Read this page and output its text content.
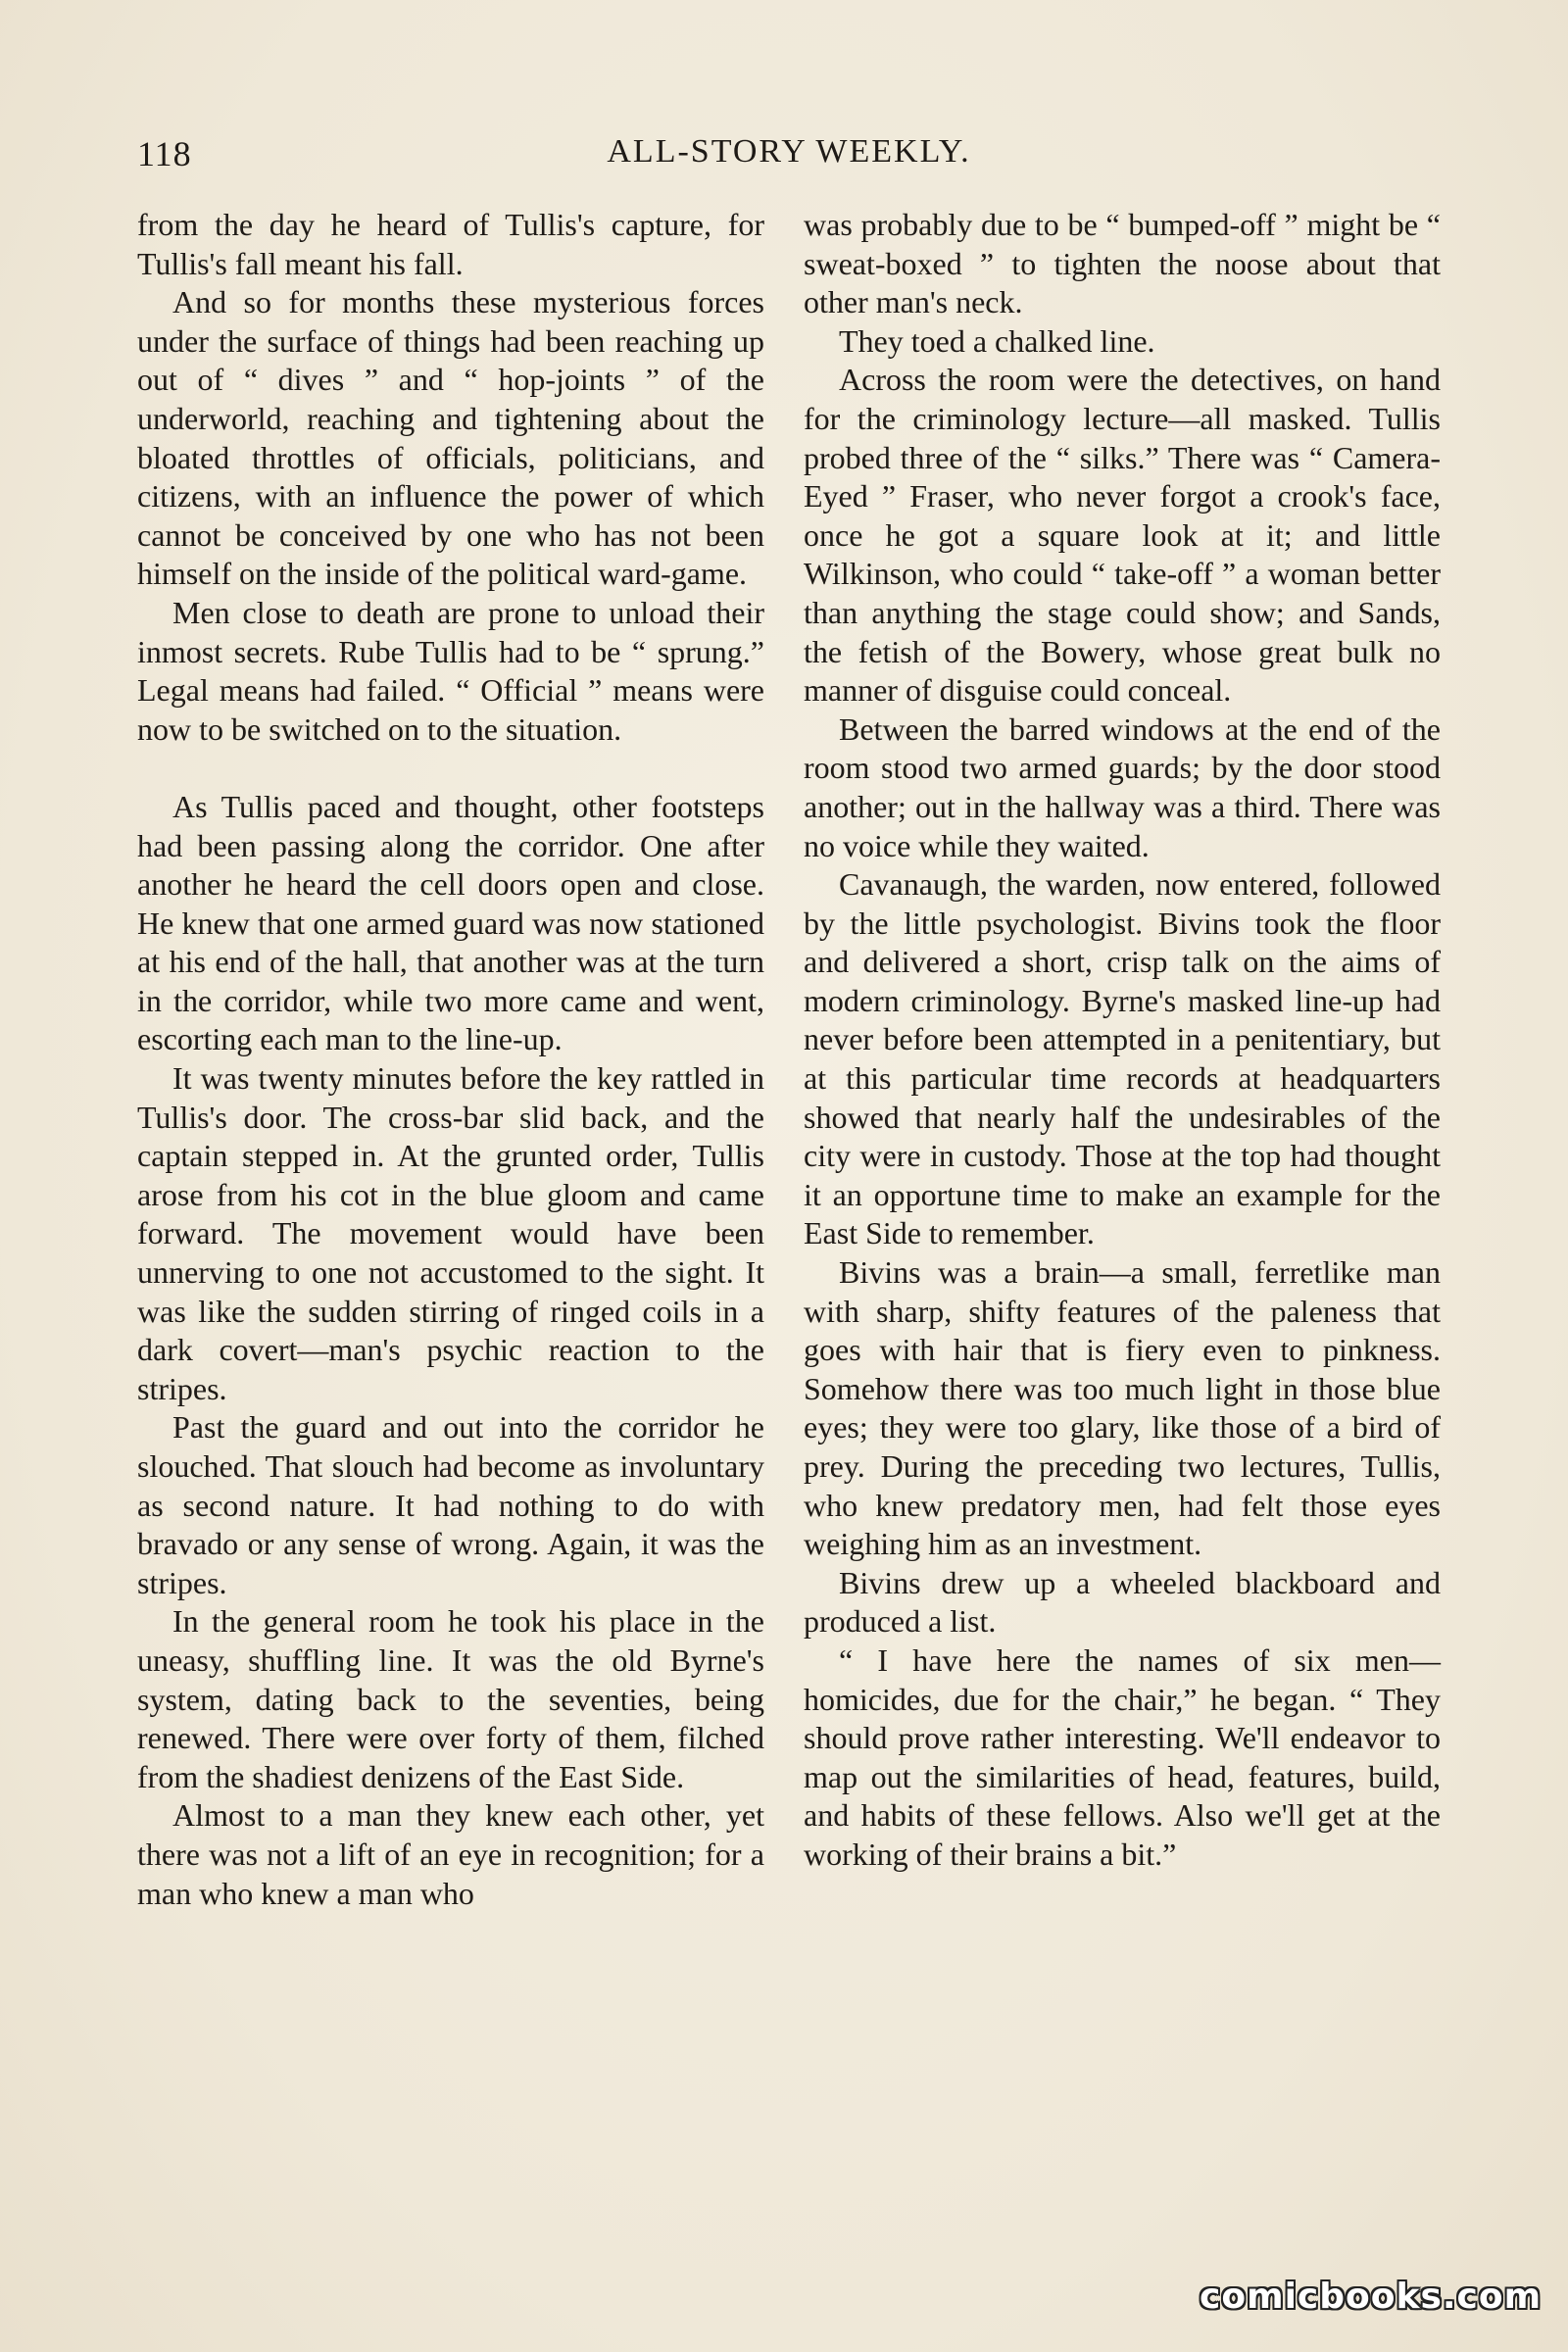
118	ALL-STORY WEEKLY.

from the day he heard of Tullis's capture, for Tullis's fall meant his fall.

And so for months these mysterious forces under the surface of things had been reaching up out of “ dives ” and “ hop-joints ” of the underworld, reaching and tightening about the bloated throttles of officials, politicians, and citizens, with an influence the power of which cannot be conceived by one who has not been himself on the inside of the political ward-game.

Men close to death are prone to unload their inmost secrets. Rube Tullis had to be “ sprung.” Legal means had failed. “ Official ” means were now to be switched on to the situation.

As Tullis paced and thought, other footsteps had been passing along the corridor. One after another he heard the cell doors open and close. He knew that one armed guard was now stationed at his end of the hall, that another was at the turn in the corridor, while two more came and went, escorting each man to the line-up.

It was twenty minutes before the key rattled in Tullis's door. The cross-bar slid back, and the captain stepped in. At the grunted order, Tullis arose from his cot in the blue gloom and came forward. The movement would have been unnerving to one not accustomed to the sight. It was like the sudden stirring of ringed coils in a dark covert—man's psychic reaction to the stripes.

Past the guard and out into the corridor he slouched. That slouch had become as involuntary as second nature. It had nothing to do with bravado or any sense of wrong. Again, it was the stripes.

In the general room he took his place in the uneasy, shuffling line. It was the old Byrne's system, dating back to the seventies, being renewed. There were over forty of them, filched from the shadiest denizens of the East Side.

Almost to a man they knew each other, yet there was not a lift of an eye in recognition; for a man who knew a man who

was probably due to be “ bumped-off ” might be “ sweat-boxed ” to tighten the noose about that other man's neck.

They toed a chalked line.

Across the room were the detectives, on hand for the criminology lecture—all masked. Tullis probed three of the “ silks.” There was “ Camera-Eyed ” Fraser, who never forgot a crook's face, once he got a square look at it; and little Wilkinson, who could “ take-off ” a woman better than anything the stage could show; and Sands, the fetish of the Bowery, whose great bulk no manner of disguise could conceal.

Between the barred windows at the end of the room stood two armed guards; by the door stood another; out in the hallway was a third. There was no voice while they waited.

Cavanaugh, the warden, now entered, followed by the little psychologist. Bivins took the floor and delivered a short, crisp talk on the aims of modern criminology. Byrne's masked line-up had never before been attempted in a penitentiary, but at this particular time records at headquarters showed that nearly half the undesirables of the city were in custody. Those at the top had thought it an opportune time to make an example for the East Side to remember.

Bivins was a brain—a small, ferretlike man with sharp, shifty features of the paleness that goes with hair that is fiery even to pinkness. Somehow there was too much light in those blue eyes; they were too glary, like those of a bird of prey. During the preceding two lectures, Tullis, who knew predatory men, had felt those eyes weighing him as an investment.

Bivins drew up a wheeled blackboard and produced a list.

“ I have here the names of six men—homicides, due for the chair,” he began. “ They should prove rather interesting. We'll endeavor to map out the similarities of head, features, build, and habits of these fellows. Also we'll get at the working of their brains a bit.”

comicbooks.com
